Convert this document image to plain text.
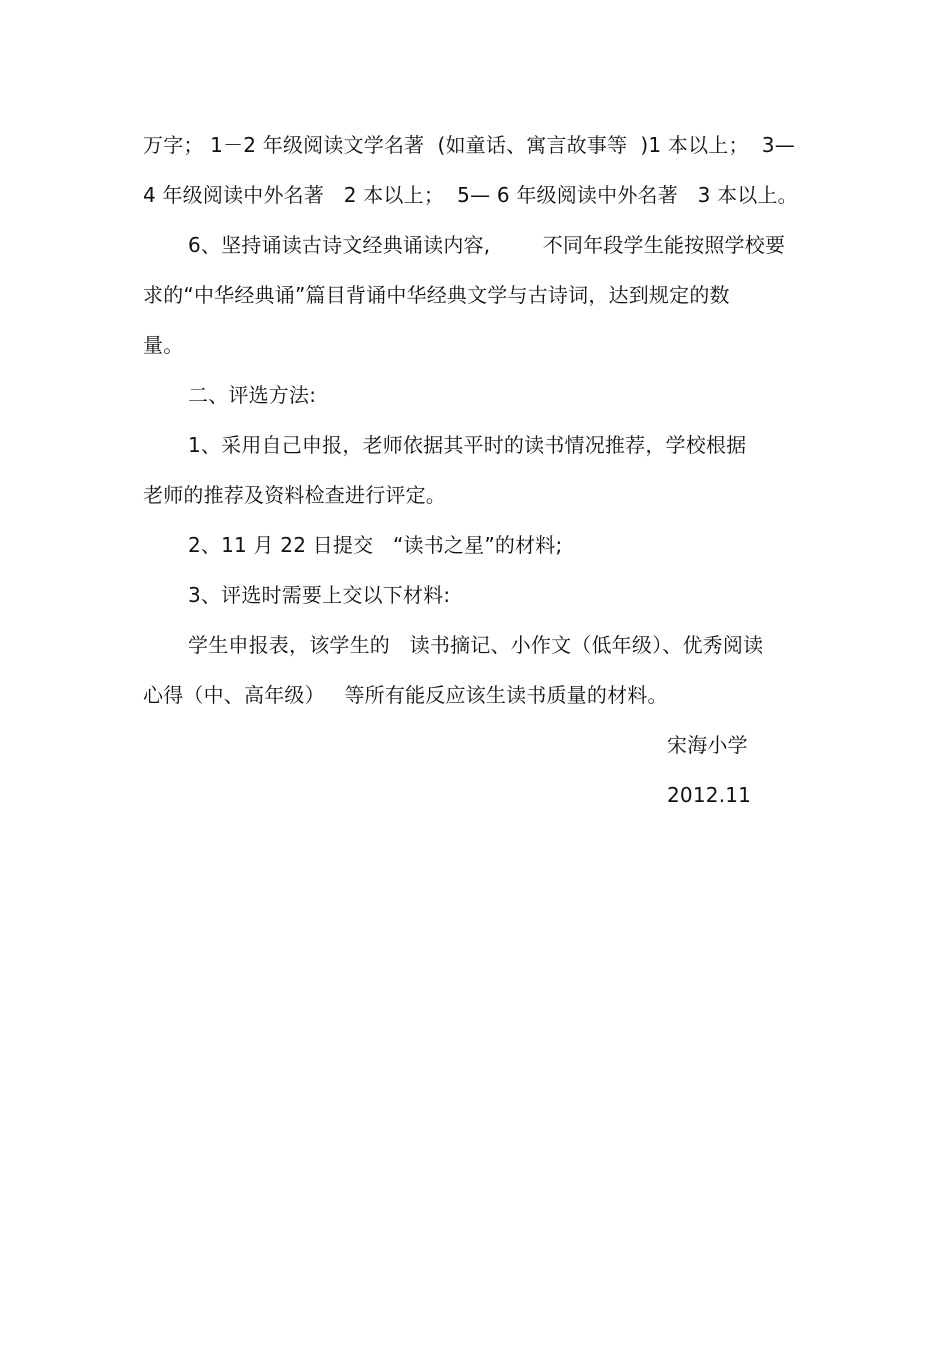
万字； 1－2 年级阅读文学名著  (如童话、寓言故事等  )1 本以上；  3—
4 年级阅读中外名著   2 本以上；  5— 6 年级阅读中外名著   3 本以上。
6、坚持诵读古诗文经典诵读内容,        不同年段学生能按照学校要
求的“中华经典诵”篇目背诵中华经典文学与古诗词，达到规定的数
量。
二、评选方法:
1、采用自己申报，老师依据其平时的读书情况推荐，学校根据
老师的推荐及资料检查进行评定。
2、11 月 22 日提交   “读书之星”的材料;
3、评选时需要上交以下材料:
学生申报表，该学生的   读书摘记、小作文（低年级）、优秀阅读
心得（中、高年级）   等所有能反应该生读书质量的材料。
宋海小学
2012.11
